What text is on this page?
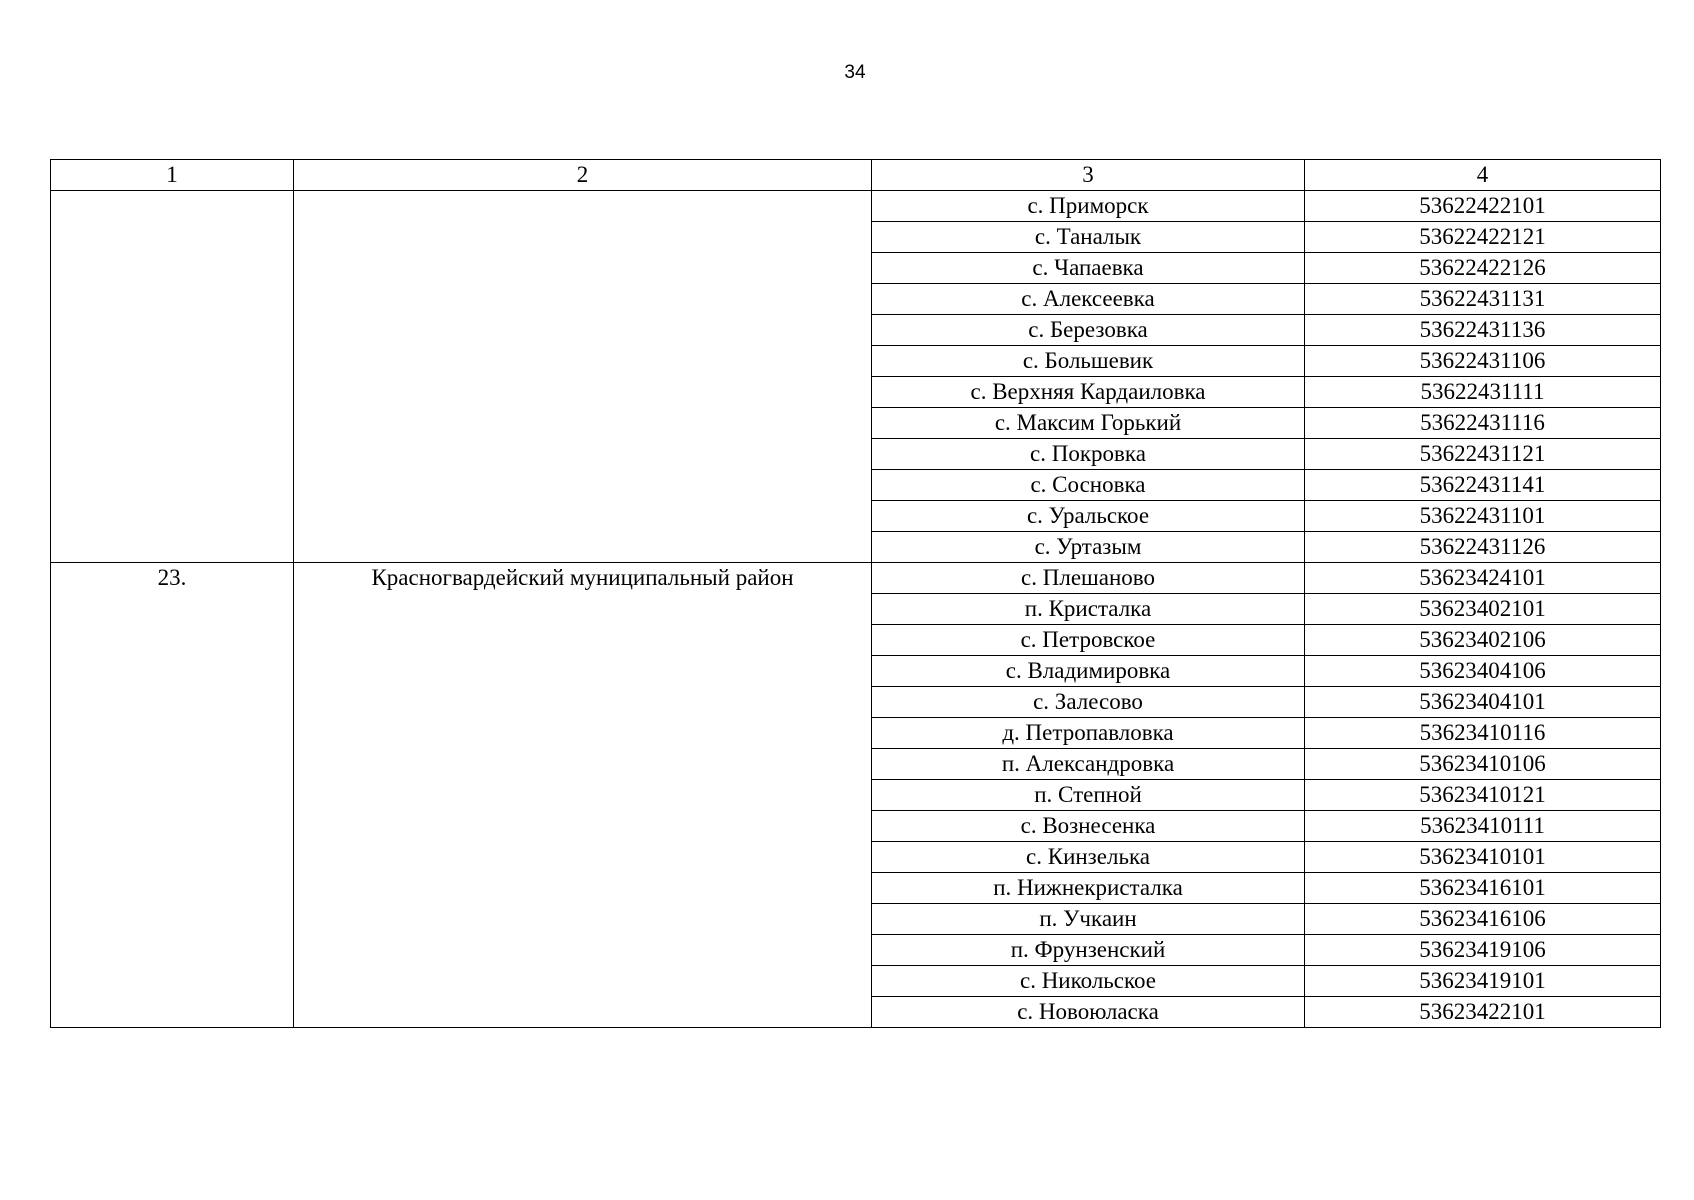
34
1	2	3	4
		с. Приморск	53622422101
		с. Таналык	53622422121
		с. Чапаевка	53622422126
		с. Алексеевка	53622431131
		с. Березовка	53622431136
		с. Большевик	53622431106
		с. Верхняя Кардаиловка	53622431111
		с. Максим Горький	53622431116
		с. Покровка	53622431121
		с. Сосновка	53622431141
		с. Уральское	53622431101
		с. Уртазым	53622431126
23.	Красногвардейский муниципальный район	с. Плешаново	53623424101
		п. Кристалка	53623402101
		с. Петровское	53623402106
		с. Владимировка	53623404106
		с. Залесово	53623404101
		д. Петропавловка	53623410116
		п. Александровка	53623410106
		п. Степной	53623410121
		с. Вознесенка	53623410111
		с. Кинзелька	53623410101
		п. Нижнекристалка	53623416101
		п. Учкаин	53623416106
		п. Фрунзенский	53623419106
		с. Никольское	53623419101
		с. Новоюласка	53623422101
